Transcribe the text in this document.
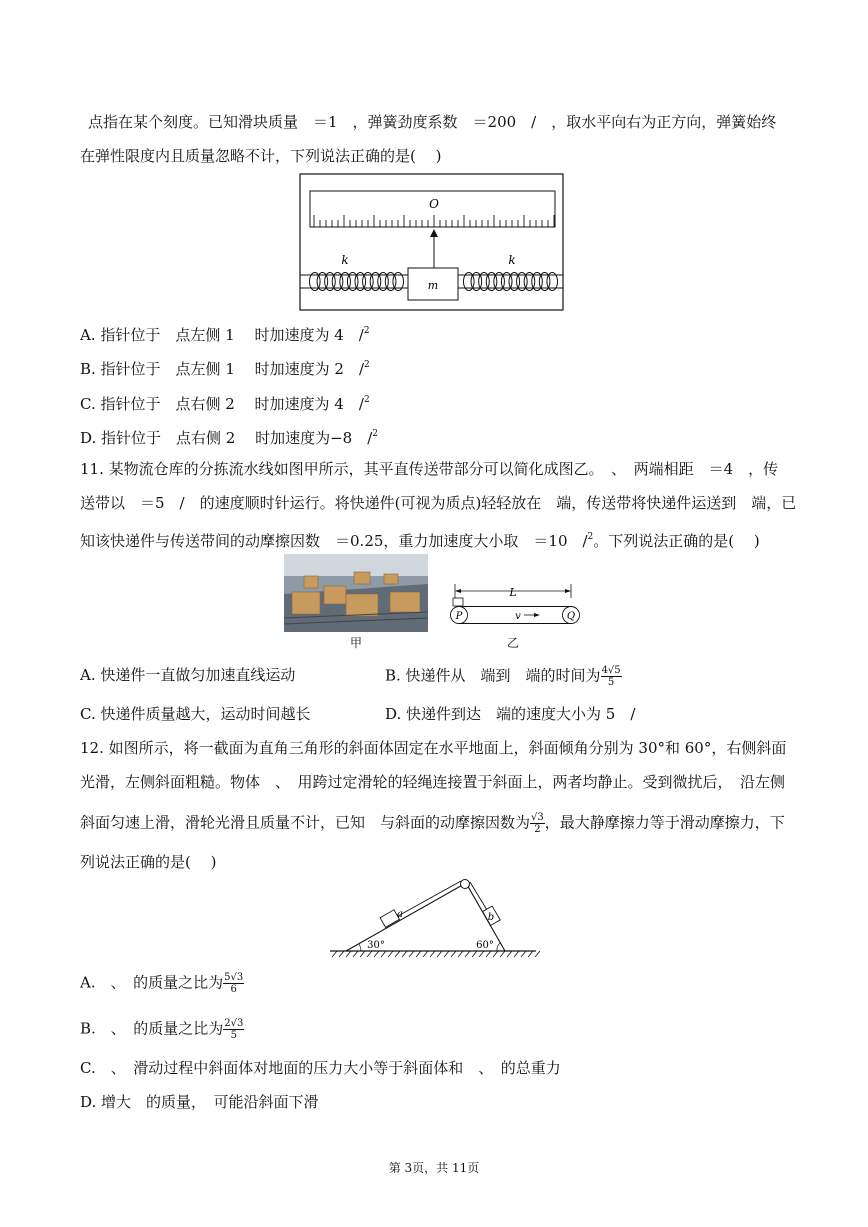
点指在某个刻度。已知滑块质量　＝1　，弹簧劲度系数　＝200　/　，取水平向右为正方向，弹簧始终
在弹性限度内且质量忽略不计，下列说法正确的是(　 )
O
m
k	k
A. 指针位于　点左侧 1　 时加速度为 4　/$^2$
B. 指针位于　点左侧 1　 时加速度为 2　/$^2$
C. 指针位于　点右侧 2　 时加速度为 4　/$^2$
D. 指针位于　点右侧 2　 时加速度为−8　/$^2$
11. 某物流仓库的分拣流水线如图甲所示，其平直传送带部分可以简化成图乙。　、　两端相距　＝4　，传
送带以　＝5　/　的速度顺时针运行。将快递件(可视为质点)轻轻放在　端，传送带将快递件运送到　端，已
知该快递件与传送带间的动摩擦因数　＝0.25，重力加速度大小取　＝10　/$^2$。下列说法正确的是(　 )
甲
L
P	Q
v
乙
A. 快递件一直做匀加速直线运动	B. 快递件从　端到　端的时间为 $\frac{4√5}{5}$
C. 快递件质量越大，运动时间越长	D. 快递件到达　端的速度大小为 5　/
12. 如图所示，将一截面为直角三角形的斜面体固定在水平地面上，斜面倾角分别为 30°和 60°，右侧斜面
光滑，左侧斜面粗糙。物体　、　用跨过定滑轮的轻绳连接置于斜面上，两者均静止。受到微扰后，　沿左侧
斜面匀速上滑，滑轮光滑且质量不计，已知　与斜面的动摩擦因数为 $\frac{√3}{2}$ ，最大静摩擦力等于滑动摩擦力，下
列说法正确的是(　 )
a	b
30°	60°
A.　、　的质量之比为 $\frac{5√3}{6}$
B.　、　的质量之比为 $\frac{2√3}{5}$
C.　、　滑动过程中斜面体对地面的压力大小等于斜面体和　、　的总重力
D. 增大　的质量，　可能沿斜面下滑
第 3页，共 11页
